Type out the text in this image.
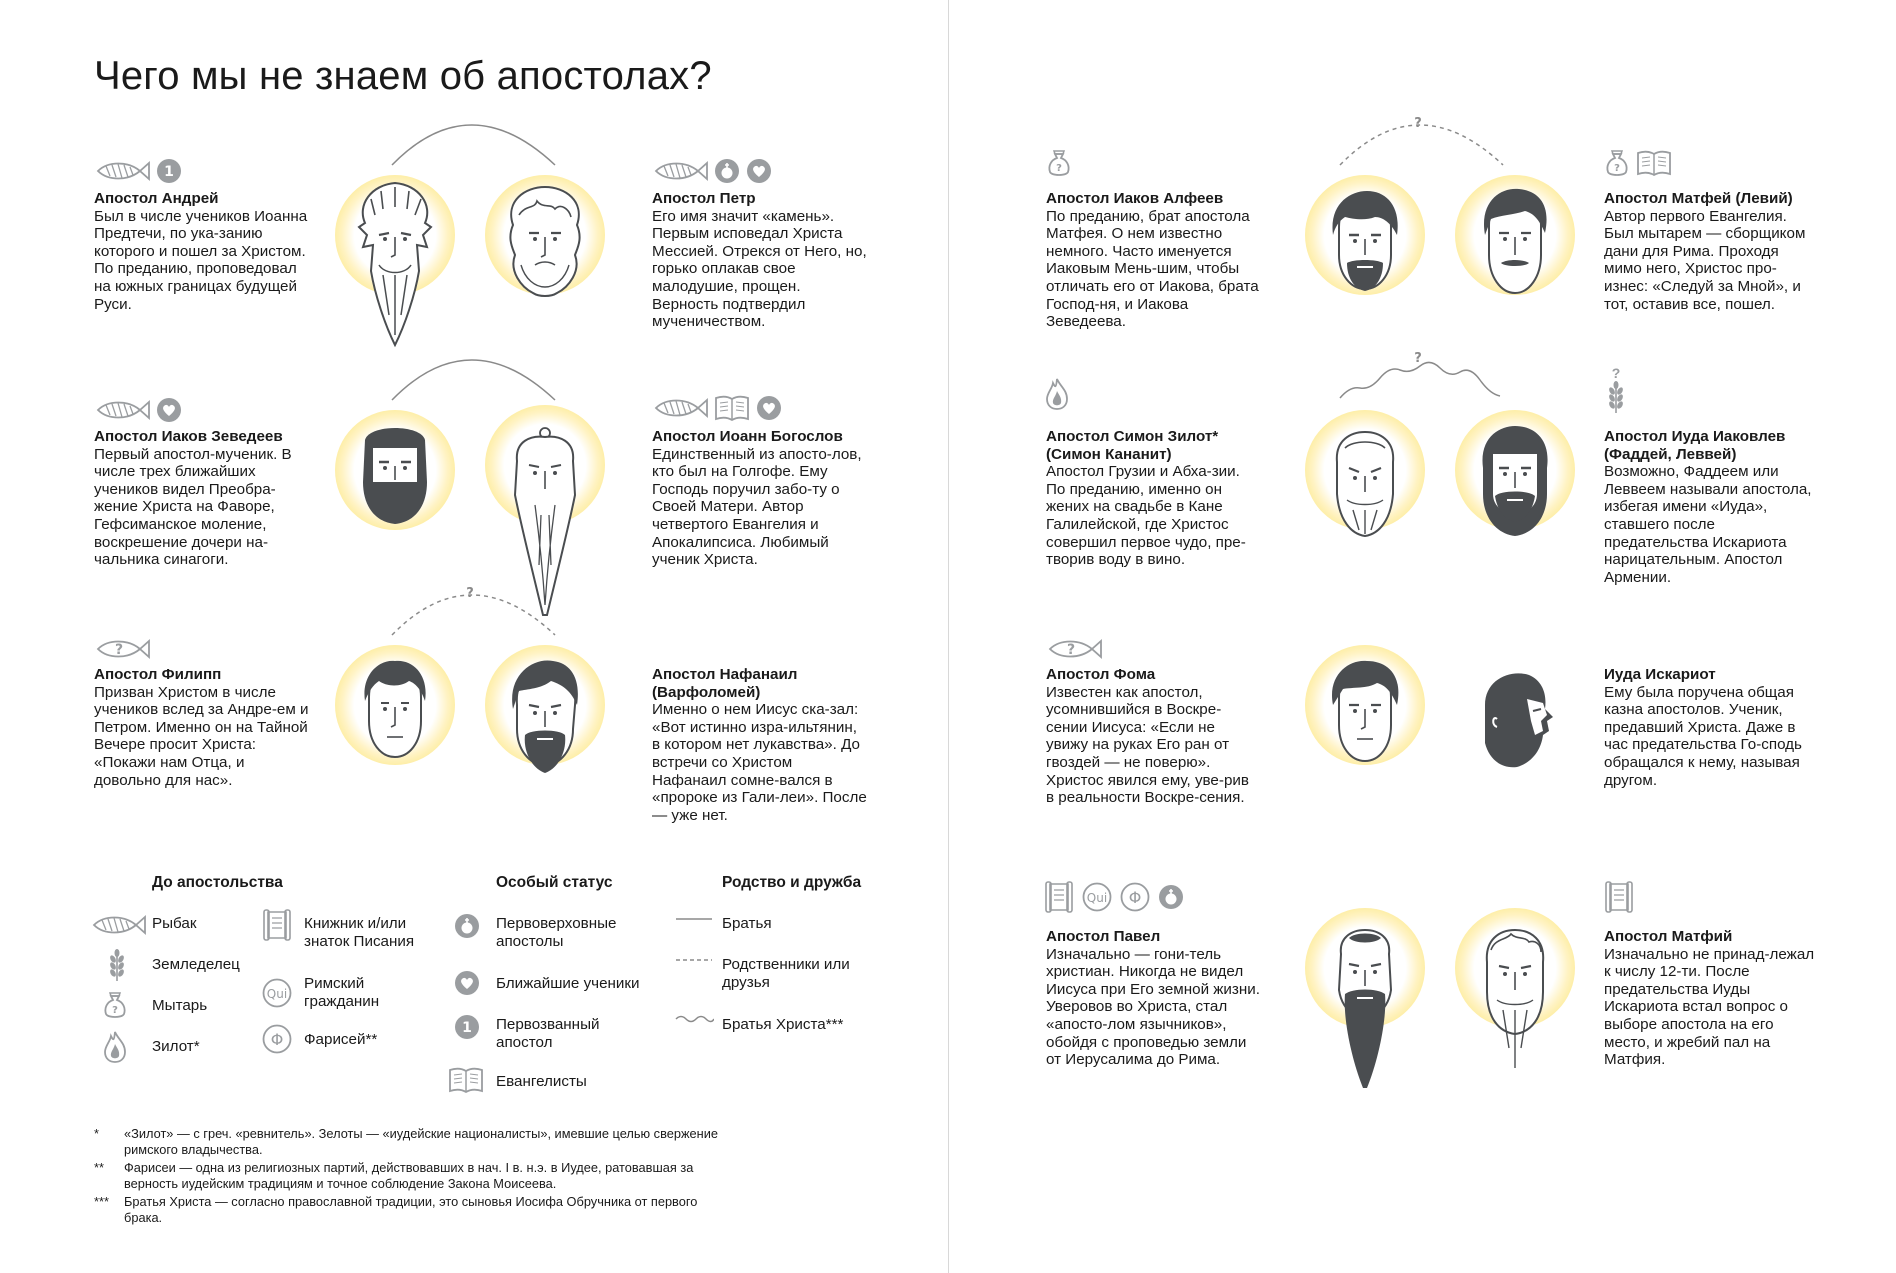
Чего мы не знаем об апостолах?
Апостол Андрей
Был в числе учеников Иоанна Предтечи, по ука-занию которого и пошел за Христом. По преданию, проповедовал на южных границах будущей Руси.
Апостол Петр
Его имя значит «камень». Первым исповедал Христа Мессией. Отрекся от Него, но, горько оплакав свое малодушие, прощен. Верность подтвердил мученичеством.
Апостол Иаков Зеведеев
Первый апостол-мученик. В числе трех ближайших учеников видел Преобра-жение Христа на Фаворе, Гефсиманское моление, воскрешение дочери на-чальника синагоги.
Апостол Иоанн Богослов
Единственный из апосто-лов, кто был на Голгофе. Ему Господь поручил забо-ту о Своей Матери. Автор четвертого Евангелия и Апокалипсиса. Любимый ученик Христа.
Апостол Филипп
Призван Христом в числе учеников вслед за Андре-ем и Петром. Именно он на Тайной Вечере просит Христа: «Покажи нам Отца, и довольно для нас».
Апостол Нафанаил (Варфоломей)
Именно о нем Иисус ска-зал: «Вот истинно изра-ильтянин, в котором нет лукавства». До встречи со Христом Нафанаил сомне-вался в «пророке из Гали-леи». После — уже нет.
?
До апостольства	Особый статус	Родство и дружба
Рыбак
Земледелец
Мытарь
Зилот*
Книжник и/или знаток Писания
Римский гражданин
Фарисей**
Первоверховные апостолы
Ближайшие ученики
Первозванный апостол
Евангелисты
Братья
Родственники или друзья
Братья Христа***
* «Зилот» — с греч. «ревнитель». Зелоты — «иудейские националисты», имевшие целью свержение римского владычества.
** Фарисеи — одна из религиозных партий, действовавших в нач. I в. н.э. в Иудее, ратовавшая за верность иудейским традициям и точное соблюдение Закона Моисеева.
*** Братья Христа — согласно православной традиции, это сыновья Иосифа Обручника от первого брака.
Апостол Иаков Алфеев
По преданию, брат апостола Матфея. О нем известно немного. Часто именуется Иаковым Мень-шим, чтобы отличать его от Иакова, брата Господ-ня, и Иакова Зеведеева.
Апостол Матфей (Левий)
Автор первого Евангелия. Был мытарем — сборщиком дани для Рима. Проходя мимо него, Христос про-изнес: «Следуй за Мной», и тот, оставив все, пошел.
Апостол Симон Зилот* (Симон Кананит)
Апостол Грузии и Абха-зии. По преданию, именно он жених на свадьбе в Кане Галилейской, где Христос совершил первое чудо, пре-творив воду в вино.
?
Апостол Иуда Иаковлев (Фаддей, Леввей)
Возможно, Фаддеем или Леввеем называли апостола, избегая имени «Иуда», ставшего после предательства Искариота нарицательным. Апостол Армении.
Апостол Фома
Известен как апостол, усомнившийся в Воскре-сении Иисуса: «Если не увижу на руках Его ран от гвоздей — не поверю». Христос явился ему, уве-рив в реальности Воскре-сения.
Иуда Искариот
Ему была поручена общая казна апостолов. Ученик, предавший Христа. Даже в час предательства Го-сподь обращался к нему, называя другом.
Апостол Павел
Изначально — гони-тель христиан. Никогда не видел Иисуса при Его земной жизни. Уверовов во Христа, стал «апосто-лом язычников», обойдя с проповедью земли от Иерусалима до Рима.
Апостол Матфий
Изначально не принад-лежал к числу 12-ти. После предательства Иуды Искариота встал вопрос о выборе апостола на его место, и жребий пал на Матфия.
?
?
